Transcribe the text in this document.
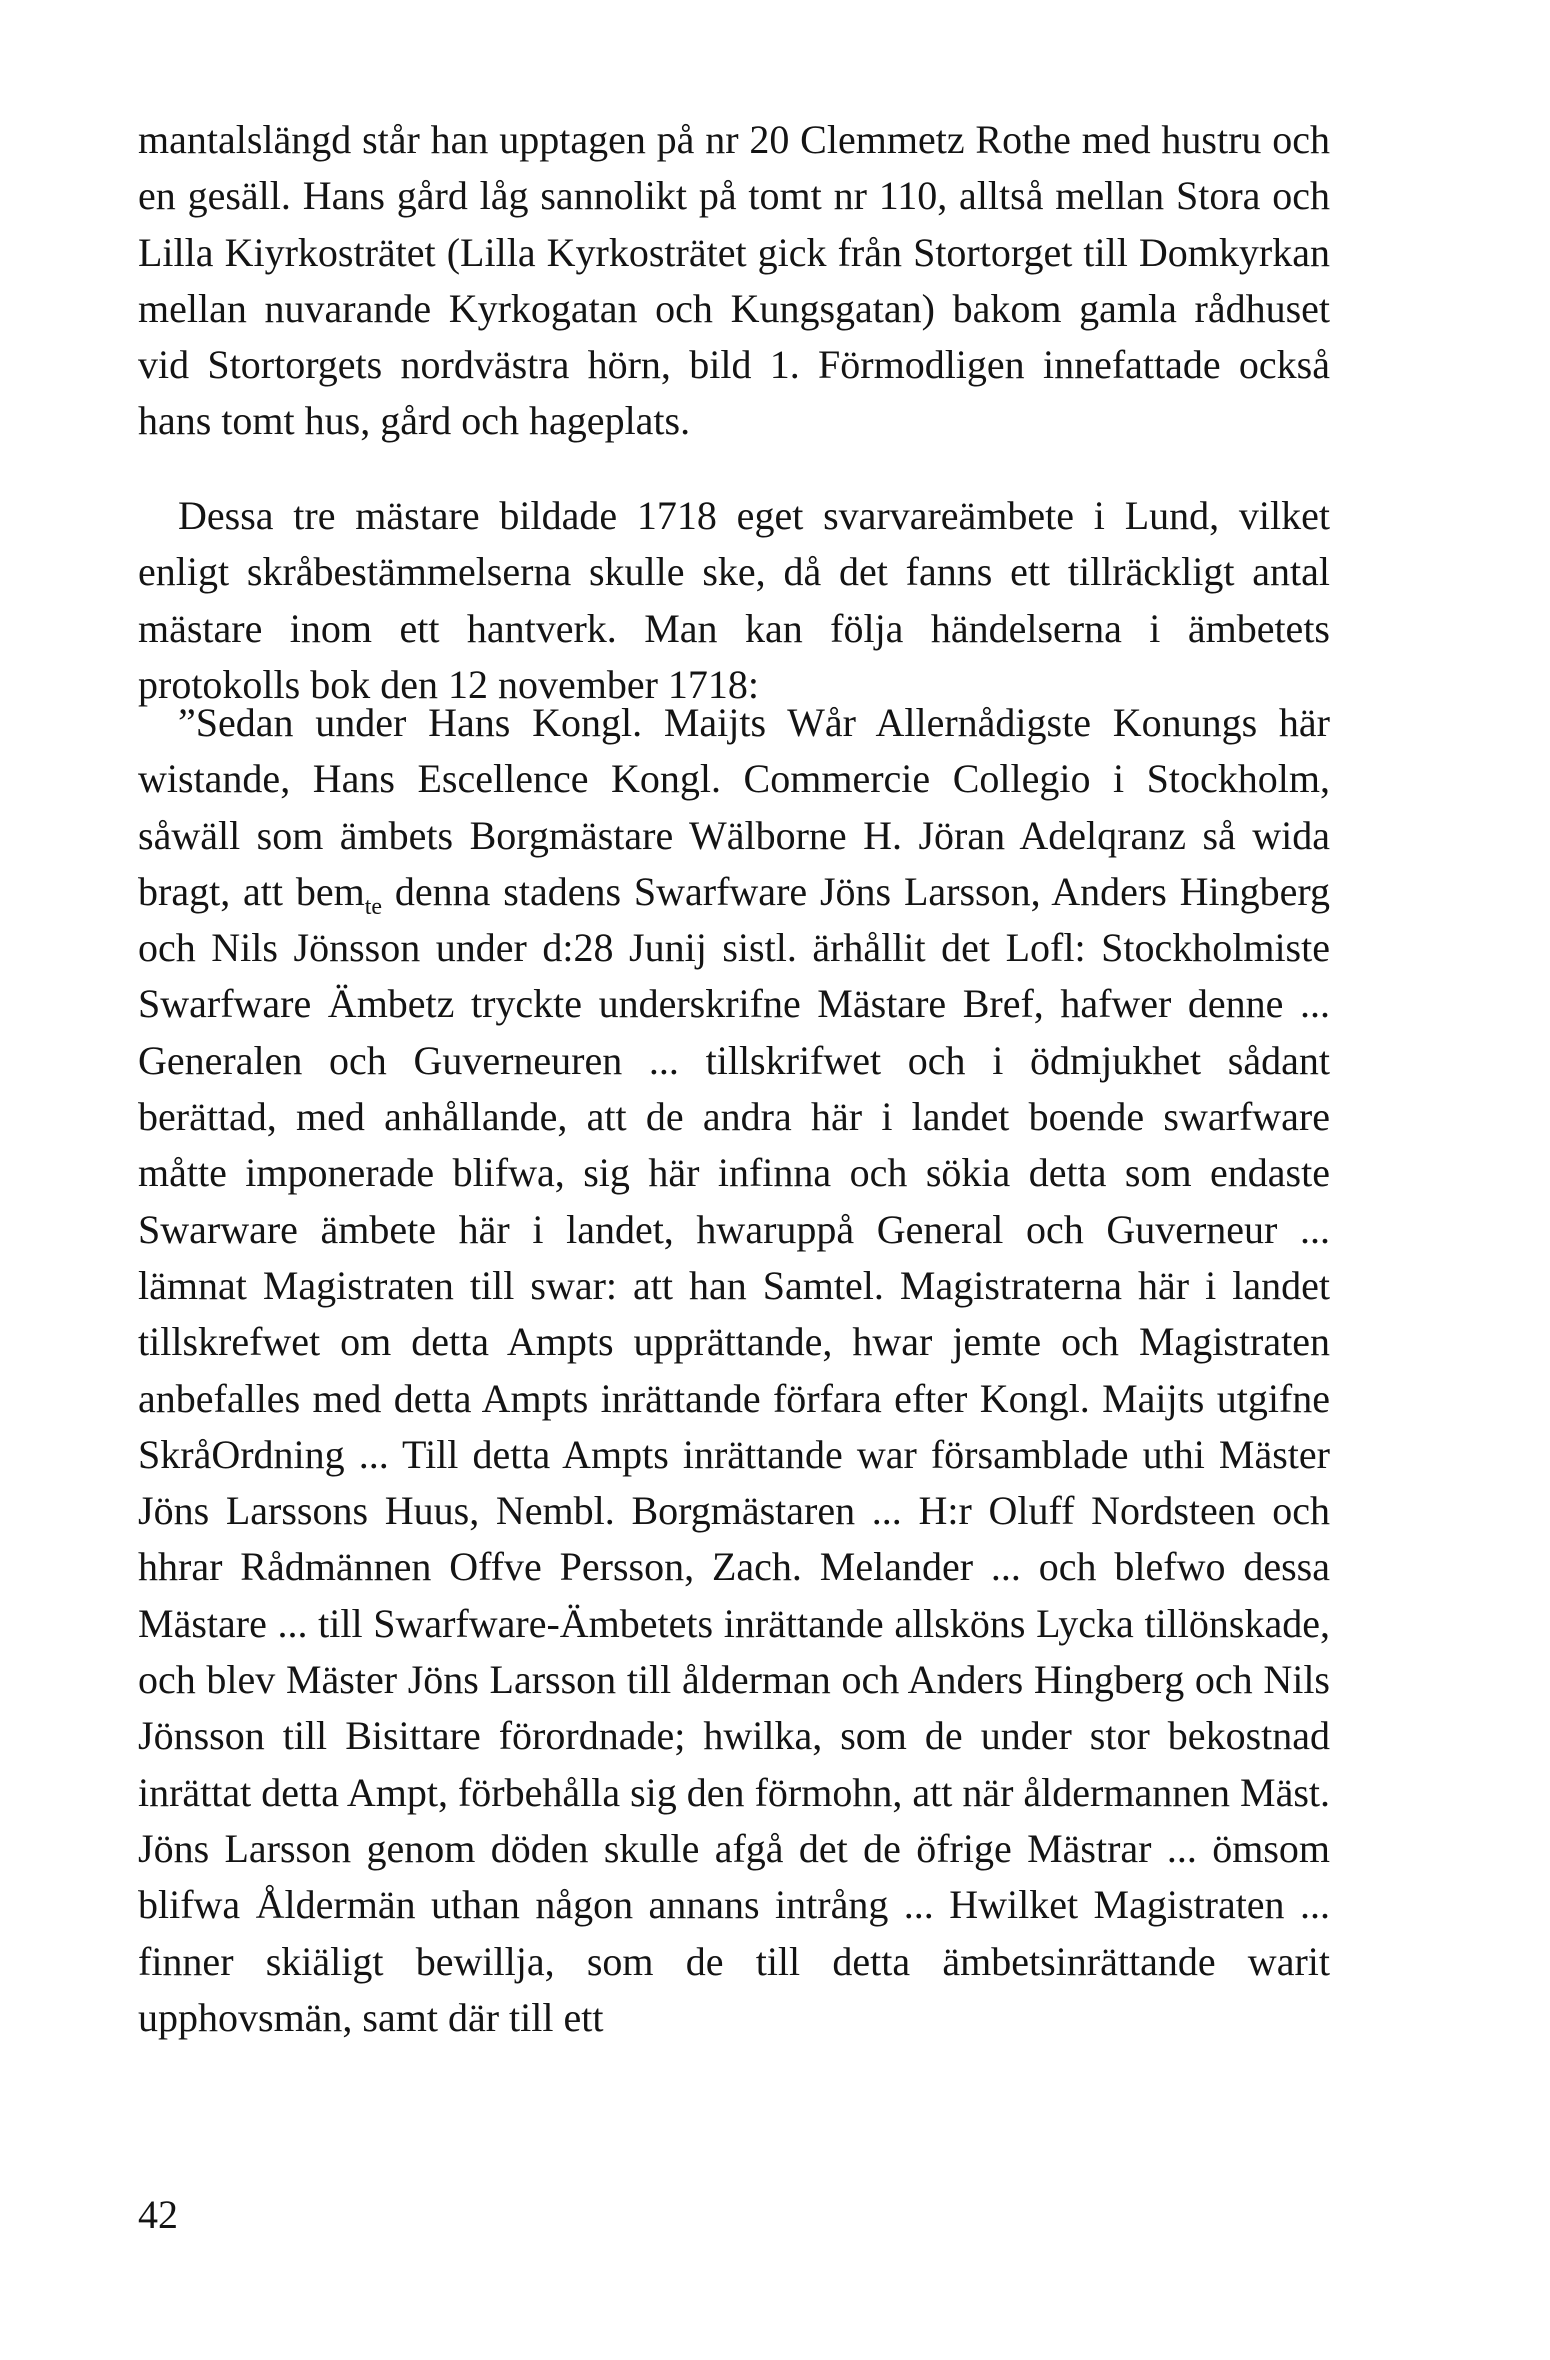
mantalslängd står han upptagen på nr 20 Clemmetz Rothe med hustru och en gesäll. Hans gård låg sannolikt på tomt nr 110, alltså mellan Stora och Lilla Kiyrkosträtet (Lilla Kyrkosträtet gick från Stortorget till Domkyrkan mellan nuvarande Kyrkogatan och Kungsgatan) bakom gamla rådhuset vid Stortorgets nordvästra hörn, bild 1. Förmodligen innefattade också hans tomt hus, gård och hageplats.

Dessa tre mästare bildade 1718 eget svarvareämbete i Lund, vilket enligt skråbestämmelserna skulle ske, då det fanns ett tillräckligt antal mästare inom ett hantverk. Man kan följa händelserna i ämbetets protokolls bok den 12 november 1718:

”Sedan under Hans Kongl. Maijts Wår Allernådigste Konungs här wistande, Hans Escellence Kongl. Commercie Collegio i Stockholm, såwäll som ämbets Borgmästare Wälborne H. Jöran Adelqranz så wida bragt, att bem$_{te}$ denna stadens Swarfware Jöns Larsson, Anders Hingberg och Nils Jönsson under d:28 Junij sistl. ärhållit det Lofl: Stockholmiste Swarfware Ämbetz tryckte underskrifne Mästare Bref, hafwer denne ... Generalen och Guverneuren ... tillskrifwet och i ödmjukhet sådant berättad, med anhållande, att de andra här i landet boende swarfware måtte imponerade blifwa, sig här infinna och sökia detta som endaste Swarware ämbete här i landet, hwaruppå General och Guverneur ... lämnat Magistraten till swar: att han Samtel. Magistraterna här i landet tillskrefwet om detta Ampts upprättande, hwar jemte och Magistraten anbefalles med detta Ampts inrättande förfara efter Kongl. Maijts utgifne SkråOrdning ... Till detta Ampts inrättande war församblade uthi Mäster Jöns Larssons Huus, Nembl. Borgmästaren ... H:r Oluff Nordsteen och hhrar Rådmännen Offve Persson, Zach. Melander ... och blefwo dessa Mästare ... till Swarfware-Ämbetets inrättande allsköns Lycka tillönskade, och blev Mäster Jöns Larsson till ålderman och Anders Hingberg och Nils Jönsson till Bisittare förordnade; hwilka, som de under stor bekostnad inrättat detta Ampt, förbehålla sig den förmohn, att när åldermannen Mäst. Jöns Larsson genom döden skulle afgå det de öfrige Mästrar ... ömsom blifwa Åldermän uthan någon annans intrång ... Hwilket Magistraten ... finner skiäligt bewillja, som de till detta ämbetsinrättande warit upphovsmän, samt där till ett

42
